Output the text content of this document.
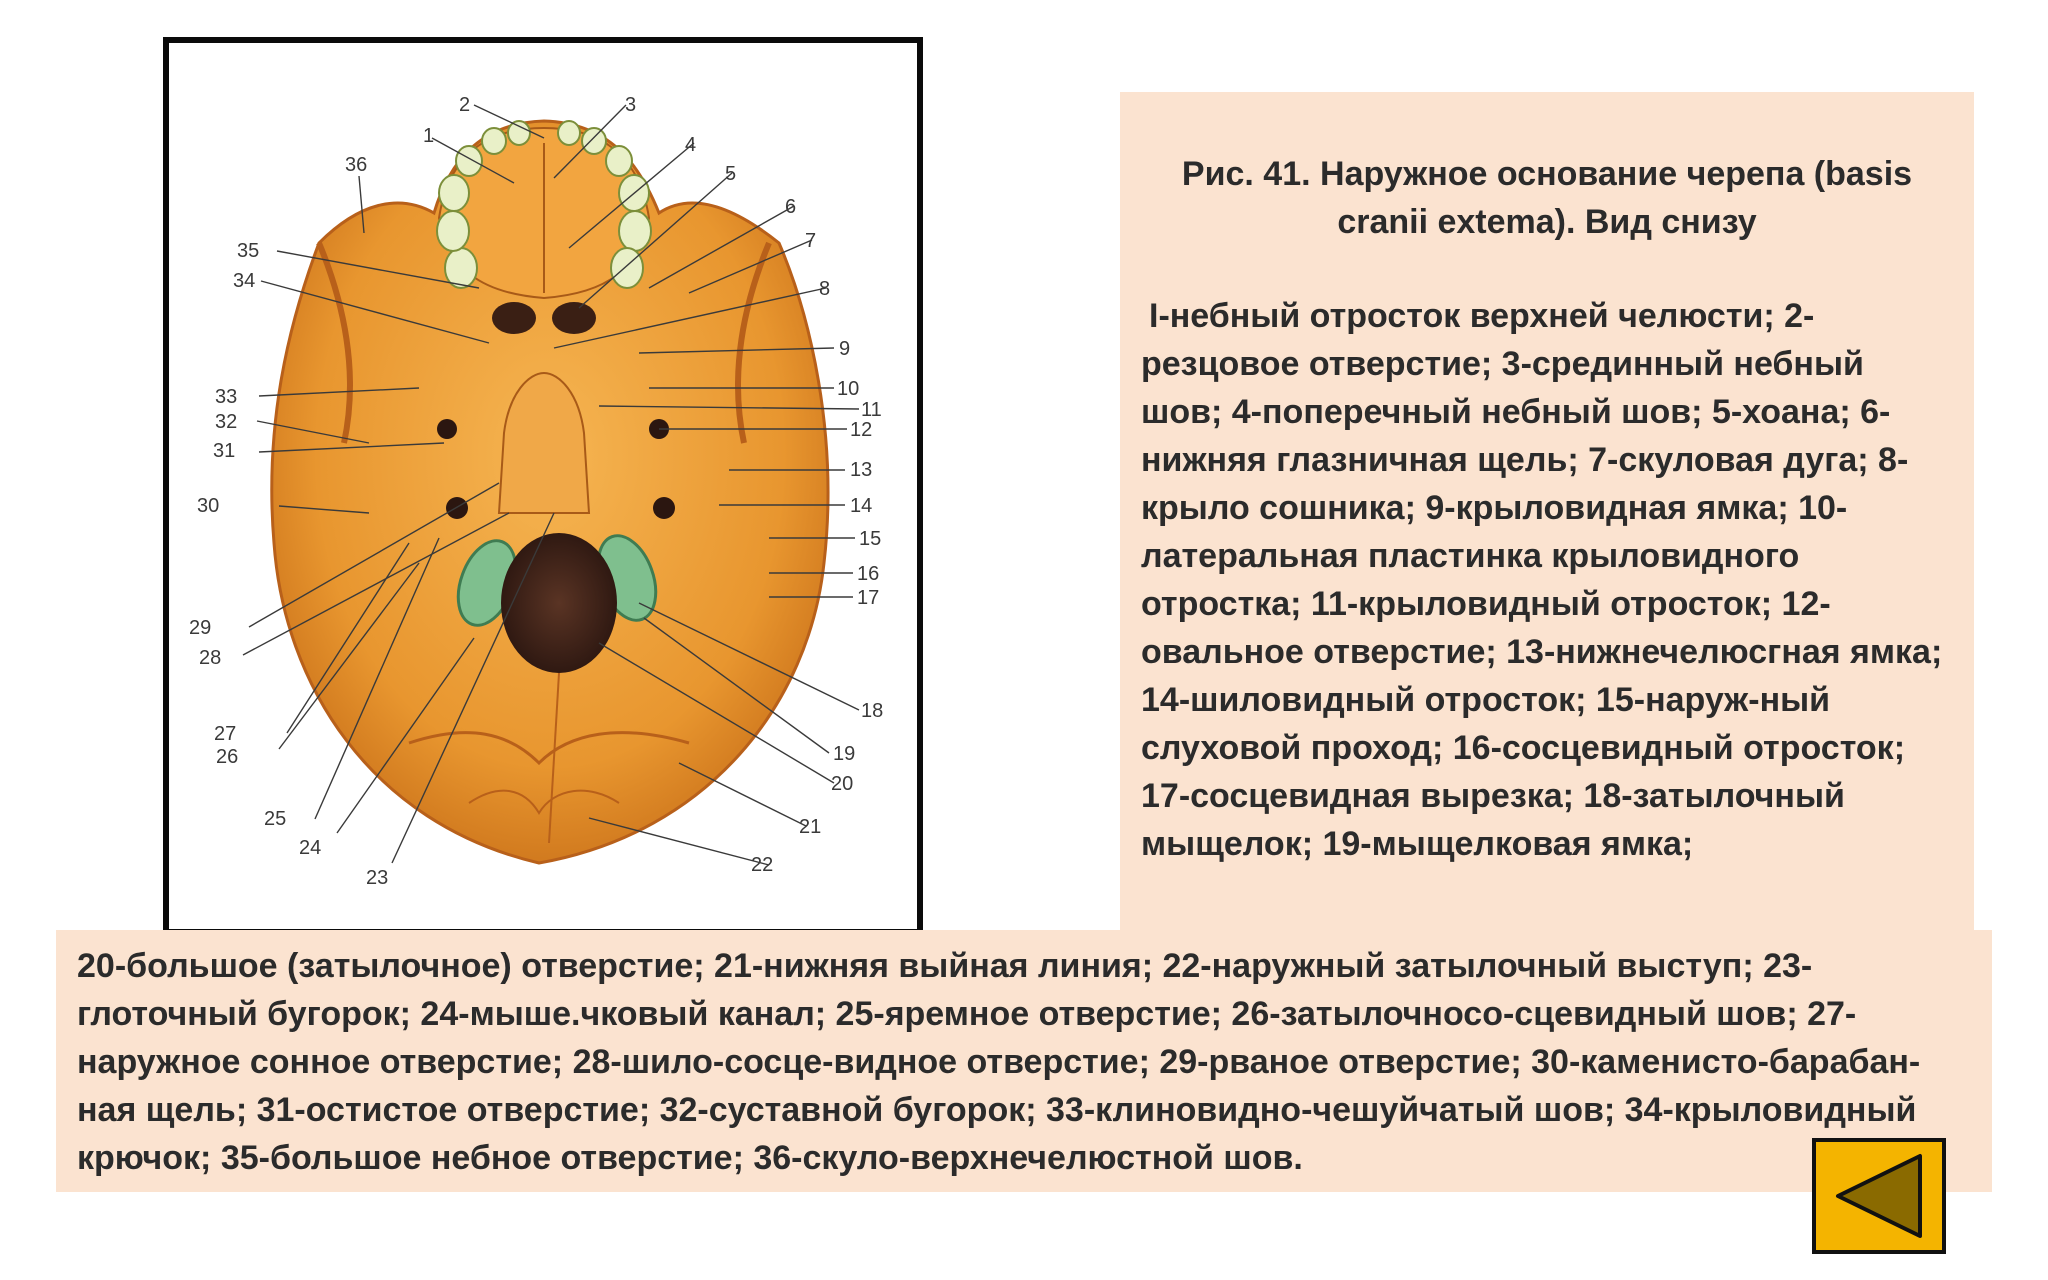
1
2	3
4
5
6
7
8
9
10
11
12
13
14
15
16
17
18
19
20
21
22
23
24
25
26
27
28
29
30
31
32
33
34
35
36	Рис. 41. Наружное основание черепа (basis cranii extema). Вид снизу
I-небный отросток верхней челюсти; 2-резцовое отверстие; 3-срединный небный шов; 4-поперечный небный шов; 5-хоана; 6-нижняя глазничная щель; 7-скуловая дуга; 8-крыло сошника; 9-крыловидная ямка; 10-латеральная пластинка крыловидного отростка; 11-крыловидный отросток; 12-овальное отверстие; 13-нижнечелюсгная ямка; 14-шиловидный отросток; 15-наруж-ный слуховой проход; 16-сосцевидный отросток; 17-сосцевидная вырезка; 18-затылочный мыщелок; 19-мыщелковая ямка;
20-большое (затылочное) отверстие; 21-нижняя выйная линия; 22-наружный затылочный выступ; 23-глоточный бугорок; 24-мыше.чковый канал; 25-яремное отверстие; 26-затылочносо-сцевидный шов; 27-наружное сонное отверстие; 28-шило-сосце-видное отверстие; 29-рваное отверстие; 30-каменисто-барабан-ная щель; 31-остистое отверстие; 32-суставной бугорок; 33-клиновидно-чешуйчатый шов; 34-крыловидный крючок; 35-большое небное отверстие; 36-скуло-верхнечелюстной шов.
